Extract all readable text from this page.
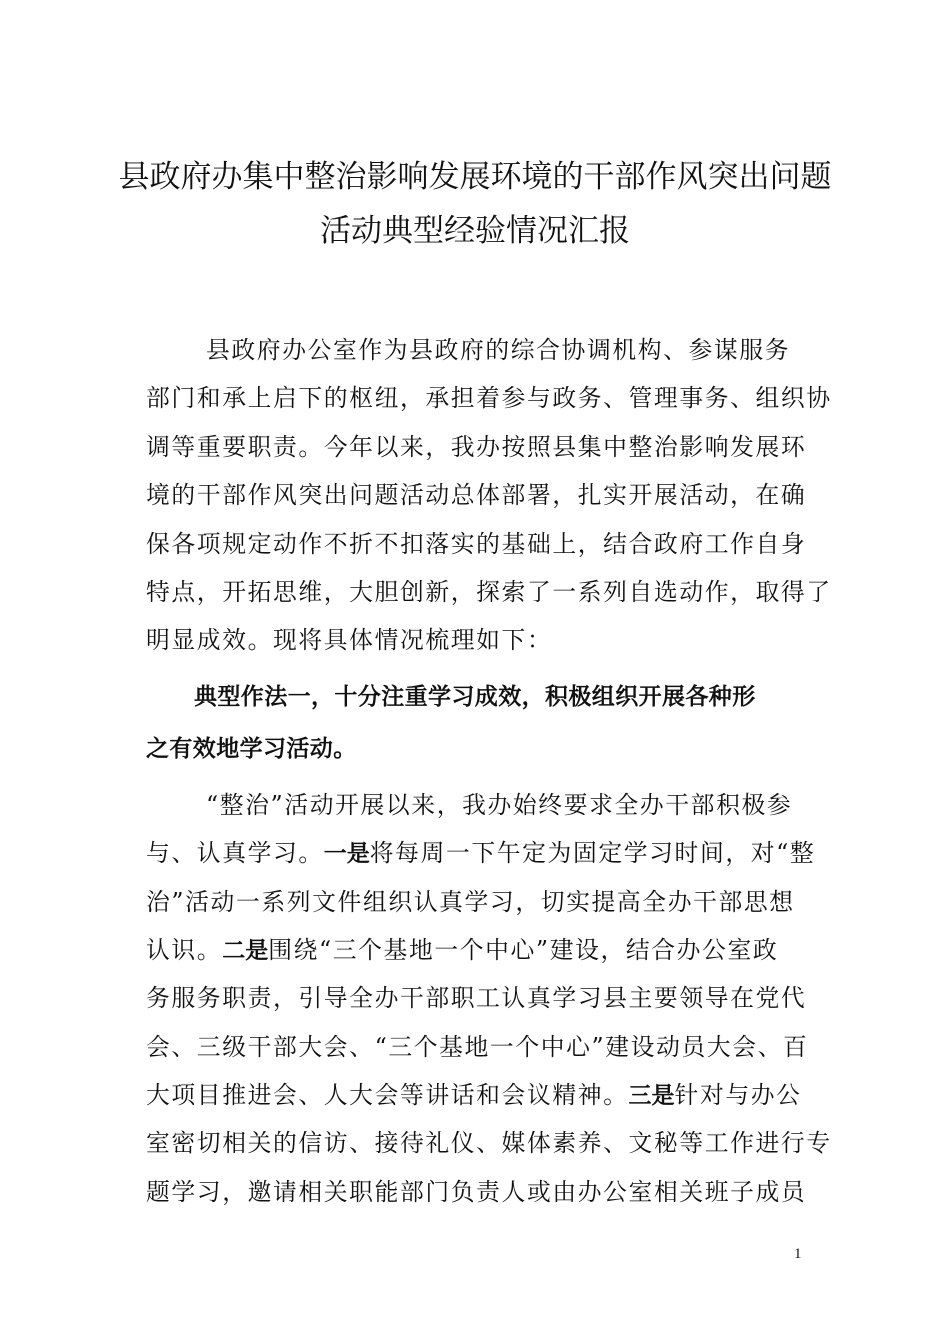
县政府办集中整治影响发展环境的干部作风突出问题
活动典型经验情况汇报
县政府办公室作为县政府的综合协调机构、参谋服务
部门和承上启下的枢纽，承担着参与政务、管理事务、组织协
调等重要职责。今年以来，我办按照县集中整治影响发展环
境的干部作风突出问题活动总体部署，扎实开展活动，在确
保各项规定动作不折不扣落实的基础上，结合政府工作自身
特点，开拓思维，大胆创新，探索了一系列自选动作，取得了
明显成效。现将具体情况梳理如下：
典型作法一，十分注重学习成效，积极组织开展各种形
之有效地学习活动。
“整治”活动开展以来，我办始终要求全办干部积极参
与、认真学习。一是将每周一下午定为固定学习时间，对“整
治”活动一系列文件组织认真学习，切实提高全办干部思想
认识。二是围绕“三个基地一个中心”建设，结合办公室政
务服务职责，引导全办干部职工认真学习县主要领导在党代
会、三级干部大会、“三个基地一个中心”建设动员大会、百
大项目推进会、人大会等讲话和会议精神。三是针对与办公
室密切相关的信访、接待礼仪、媒体素养、文秘等工作进行专
题学习，邀请相关职能部门负责人或由办公室相关班子成员
1
